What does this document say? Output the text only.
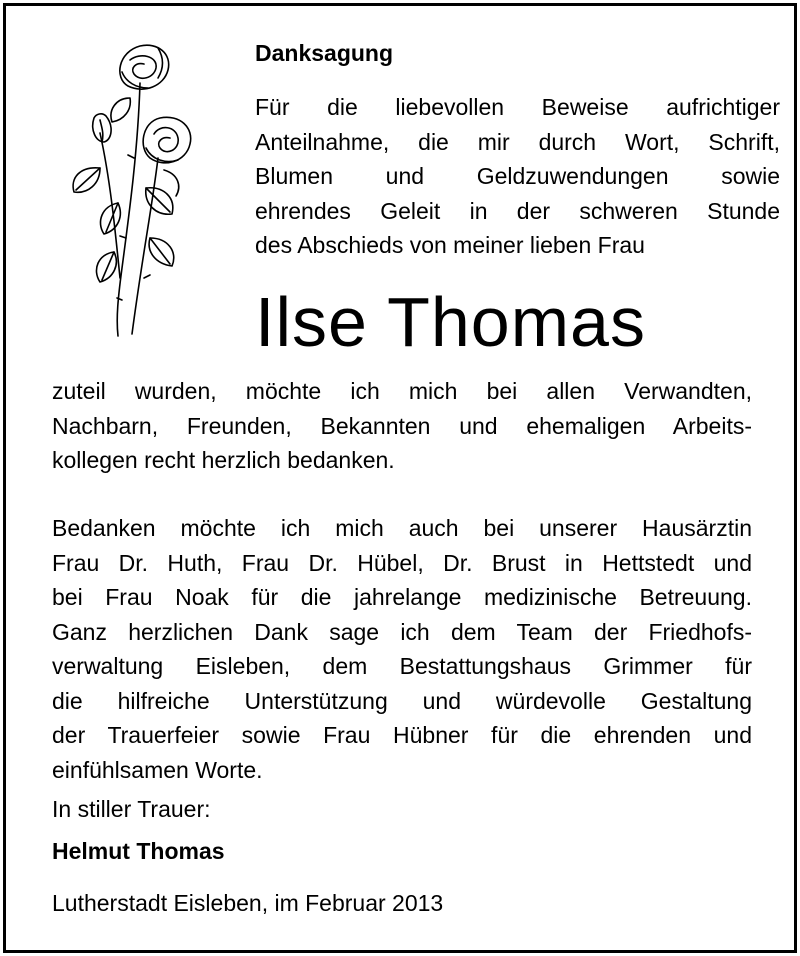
Danksagung
Für die liebevollen Beweise aufrichtiger
Anteilnahme, die mir durch Wort, Schrift,
Blumen und Geldzuwendungen sowie
ehrendes Geleit in der schweren Stunde
des Abschieds von meiner lieben Frau
Ilse Thomas
zuteil wurden, möchte ich mich bei allen Verwandten,
Nachbarn, Freunden, Bekannten und ehemaligen Arbeits-
kollegen recht herzlich bedanken.
Bedanken möchte ich mich auch bei unserer Hausärztin
Frau Dr. Huth, Frau Dr. Hübel, Dr. Brust in Hettstedt und
bei Frau Noak für die jahrelange medizinische Betreuung.
Ganz herzlichen Dank sage ich dem Team der Friedhofs-
verwaltung Eisleben, dem Bestattungshaus Grimmer für
die hilfreiche Unterstützung und würdevolle Gestaltung
der Trauerfeier sowie Frau Hübner für die ehrenden und
einfühlsamen Worte.
In stiller Trauer:
Helmut Thomas
Lutherstadt Eisleben, im Februar 2013
